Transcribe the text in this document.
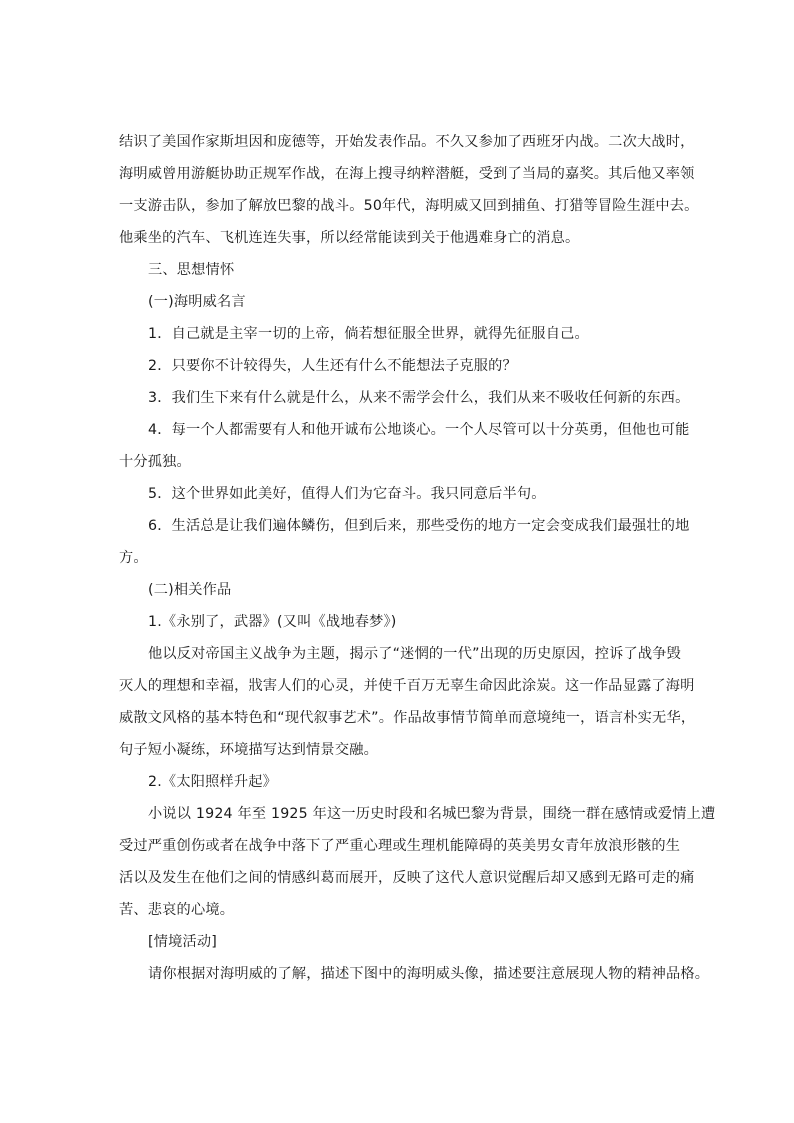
结识了美国作家斯坦因和庞德等，开始发表作品。不久又参加了西班牙内战。二次大战时，
海明威曾用游艇协助正规军作战，在海上搜寻纳粹潜艇，受到了当局的嘉奖。其后他又率领
一支游击队，参加了解放巴黎的战斗。50年代，海明威又回到捕鱼、打猎等冒险生涯中去。
他乘坐的汽车、飞机连连失事，所以经常能读到关于他遇难身亡的消息。
三、思想情怀
(一)海明威名言
1．自己就是主宰一切的上帝，倘若想征服全世界，就得先征服自己。
2．只要你不计较得失，人生还有什么不能想法子克服的？
3．我们生下来有什么就是什么，从来不需学会什么，我们从来不吸收任何新的东西。
4．每一个人都需要有人和他开诚布公地谈心。一个人尽管可以十分英勇，但他也可能
十分孤独。
5．这个世界如此美好，值得人们为它奋斗。我只同意后半句。
6．生活总是让我们遍体鳞伤，但到后来，那些受伤的地方一定会变成我们最强壮的地
方。
(二)相关作品
1.《永别了，武器》(又叫《战地春梦》)
他以反对帝国主义战争为主题，揭示了“迷惘的一代”出现的历史原因，控诉了战争毁
灭人的理想和幸福，戕害人们的心灵，并使千百万无辜生命因此涂炭。这一作品显露了海明
威散文风格的基本特色和“现代叙事艺术”。作品故事情节简单而意境纯一，语言朴实无华，
句子短小凝练，环境描写达到情景交融。
2.《太阳照样升起》
小说以 1924 年至 1925 年这一历史时段和名城巴黎为背景，围绕一群在感情或爱情上遭
受过严重创伤或者在战争中落下了严重心理或生理机能障碍的英美男女青年放浪形骸的生
活以及发生在他们之间的情感纠葛而展开，反映了这代人意识觉醒后却又感到无路可走的痛
苦、悲哀的心境。
[情境活动]
请你根据对海明威的了解，描述下图中的海明威头像，描述要注意展现人物的精神品格。
